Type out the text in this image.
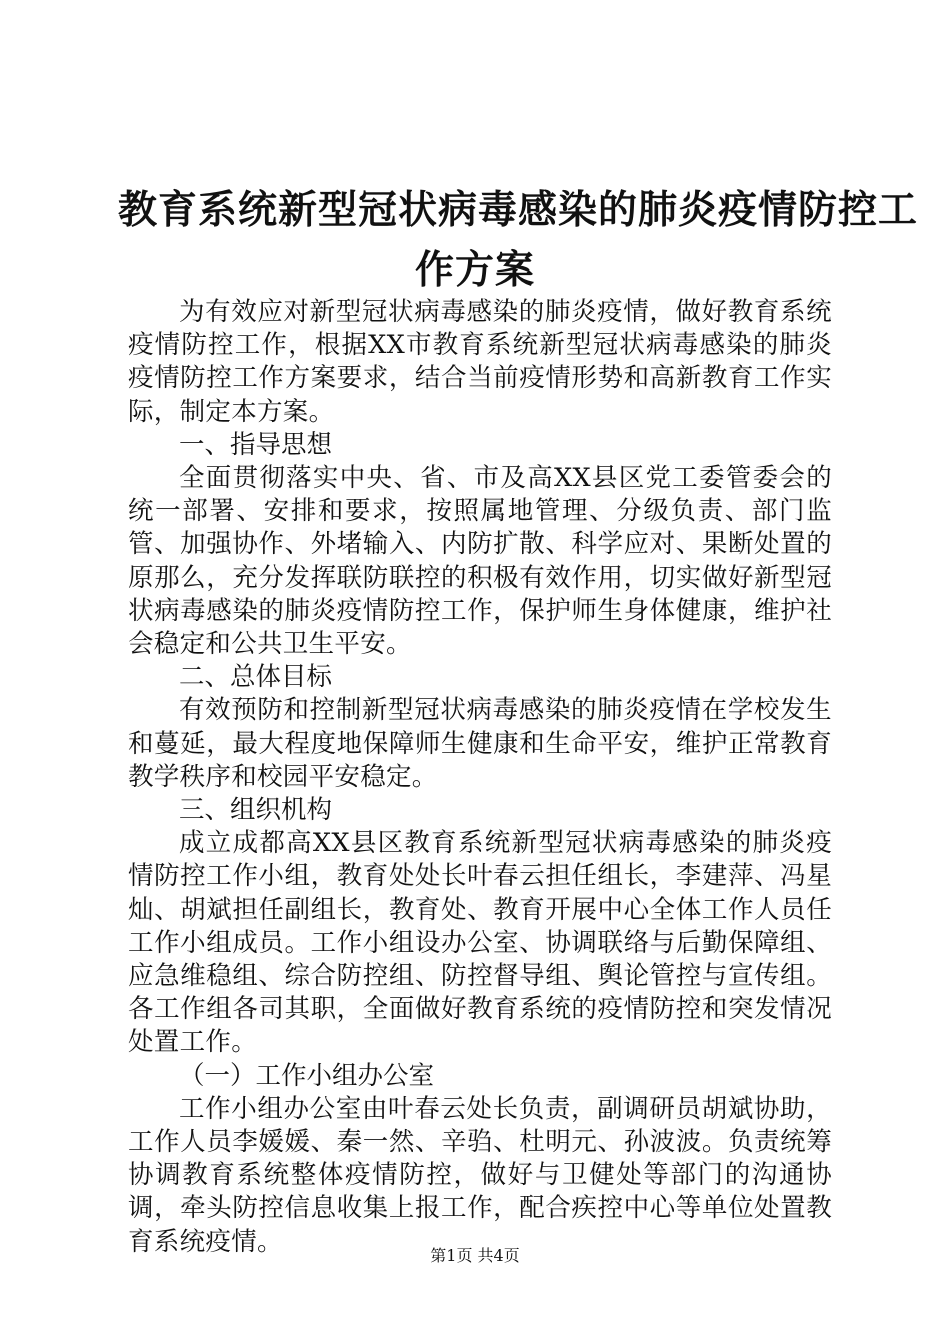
教育系统新型冠状病毒感染的肺炎疫情防控工
作方案

为有效应对新型冠状病毒感染的肺炎疫情，做好教育系统疫情防控工作，根据XX市教育系统新型冠状病毒感染的肺炎疫情防控工作方案要求，结合当前疫情形势和高新教育工作实际，制定本方案。

一、指导思想

全面贯彻落实中央、省、市及高XX县区党工委管委会的统一部署、安排和要求，按照属地管理、分级负责、部门监管、加强协作、外堵输入、内防扩散、科学应对、果断处置的原那么，充分发挥联防联控的积极有效作用，切实做好新型冠状病毒感染的肺炎疫情防控工作，保护师生身体健康，维护社会稳定和公共卫生平安。

二、总体目标

有效预防和控制新型冠状病毒感染的肺炎疫情在学校发生和蔓延，最大程度地保障师生健康和生命平安，维护正常教育教学秩序和校园平安稳定。

三、组织机构

成立成都高XX县区教育系统新型冠状病毒感染的肺炎疫情防控工作小组，教育处处长叶春云担任组长，李建萍、冯星灿、胡斌担任副组长，教育处、教育开展中心全体工作人员任工作小组成员。工作小组设办公室、协调联络与后勤保障组、应急维稳组、综合防控组、防控督导组、舆论管控与宣传组。各工作组各司其职，全面做好教育系统的疫情防控和突发情况处置工作。

（一）工作小组办公室

工作小组办公室由叶春云处长负责，副调研员胡斌协助，工作人员李媛媛、秦一然、辛驺、杜明元、孙波波。负责统筹协调教育系统整体疫情防控，做好与卫健处等部门的沟通协调，牵头防控信息收集上报工作，配合疾控中心等单位处置教育系统疫情。	第1页 共4页
